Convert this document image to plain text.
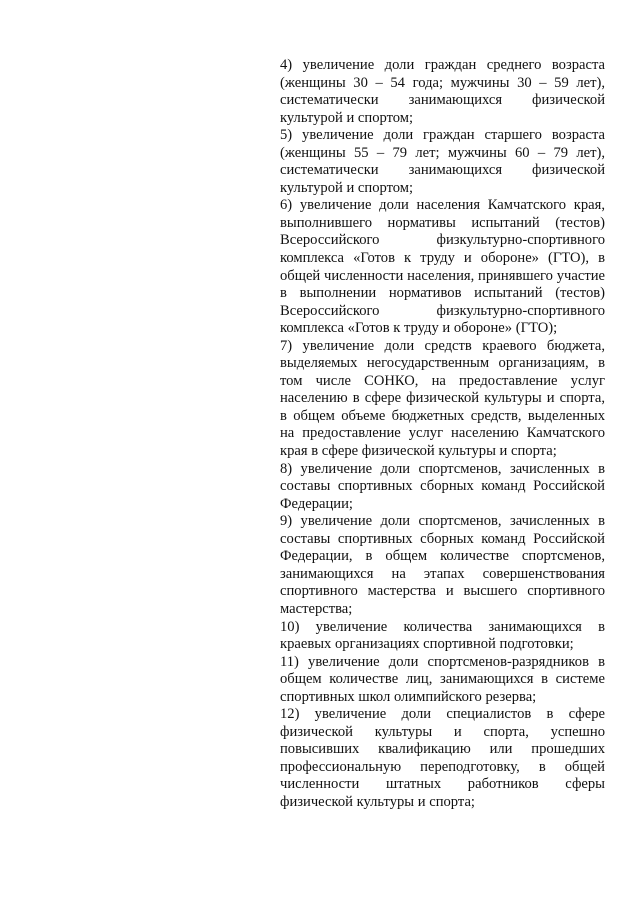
4) увеличение доли граждан среднего возраста (женщины 30 – 54 года; мужчины 30 – 59 лет), систематически занимающихся физической культурой и спортом;

5) увеличение доли граждан старшего возраста (женщины 55 – 79 лет; мужчины 60 – 79 лет), систематически занимающихся физической культурой и спортом;

6) увеличение доли населения Камчатского края, выполнившего нормативы испытаний (тестов) Всероссийского физкультурно-спортивного комплекса «Готов к труду и обороне» (ГТО), в общей численности населения, принявшего участие в выполнении нормативов испытаний (тестов) Всероссийского физкультурно-спортивного комплекса «Готов к труду и обороне» (ГТО);

7) увеличение доли средств краевого бюджета, выделяемых негосударственным организациям, в том числе СОНКО, на предоставление услуг населению в сфере физической культуры и спорта, в общем объеме бюджетных средств, выделенных на предоставление услуг населению Камчатского края в сфере физической культуры и спорта;

8) увеличение доли спортсменов, зачисленных в составы спортивных сборных команд Российской Федерации;

9) увеличение доли спортсменов, зачисленных в составы спортивных сборных команд Российской Федерации, в общем количестве спортсменов, занимающихся на этапах совершенствования спортивного мастерства и высшего спортивного мастерства;

10) увеличение количества занимающихся в краевых организациях спортивной подготовки;

11) увеличение доли спортсменов-разрядников в общем количестве лиц, занимающихся в системе спортивных школ олимпийского резерва;

12) увеличение доли специалистов в сфере физической культуры и спорта, успешно повысивших квалификацию или прошедших профессиональную переподготовку, в общей численности штатных работников сферы физической культуры и спорта;
